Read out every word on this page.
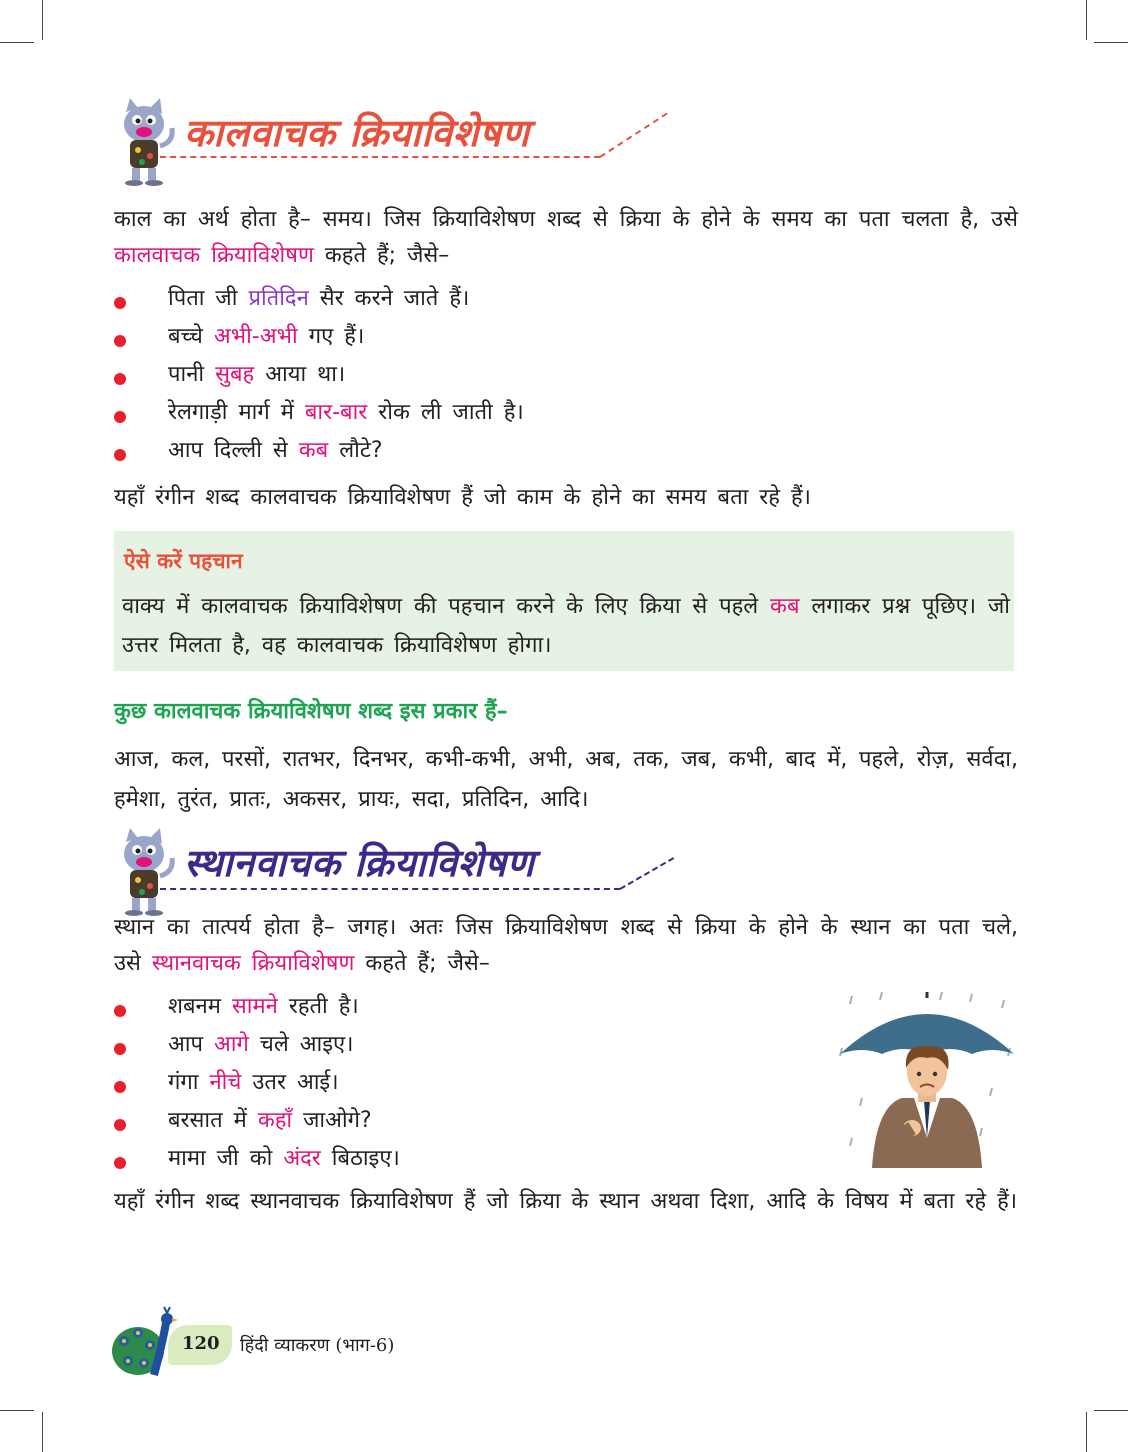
कालवाचक क्रियाविशेषण
काल का अर्थ होता है– समय। जिस क्रियाविशेषण शब्द से क्रिया के होने के समय का पता चलता है, उसे कालवाचक क्रियाविशेषण कहते हैं; जैसे–
पिता जी प्रतिदिन सैर करने जाते हैं।
बच्चे अभी-अभी गए हैं।
पानी सुबह आया था।
रेलगाड़ी मार्ग में बार-बार रोक ली जाती है।
आप दिल्ली से कब लौटे?
यहाँ रंगीन शब्द कालवाचक क्रियाविशेषण हैं जो काम के होने का समय बता रहे हैं।
ऐसे करें पहचान
वाक्य में कालवाचक क्रियाविशेषण की पहचान करने के लिए क्रिया से पहले कब लगाकर प्रश्न पूछिए। जो उत्तर मिलता है, वह कालवाचक क्रियाविशेषण होगा।
कुछ कालवाचक क्रियाविशेषण शब्द इस प्रकार हैं–
आज, कल, परसों, रातभर, दिनभर, कभी-कभी, अभी, अब, तक, जब, कभी, बाद में, पहले, रोज़, सर्वदा, हमेशा, तुरंत, प्रातः, अकसर, प्रायः, सदा, प्रतिदिन, आदि।
स्थानवाचक क्रियाविशेषण
स्थान का तात्पर्य होता है– जगह। अतः जिस क्रियाविशेषण शब्द से क्रिया के होने के स्थान का पता चले, उसे स्थानवाचक क्रियाविशेषण कहते हैं; जैसे–
शबनम सामने रहती है।
आप आगे चले आइए।
गंगा नीचे उतर आई।
बरसात में कहाँ जाओगे?
मामा जी को अंदर बिठाइए।
यहाँ रंगीन शब्द स्थानवाचक क्रियाविशेषण हैं जो क्रिया के स्थान अथवा दिशा, आदि के विषय में बता रहे हैं।
120 हिंदी व्याकरण (भाग-6)
